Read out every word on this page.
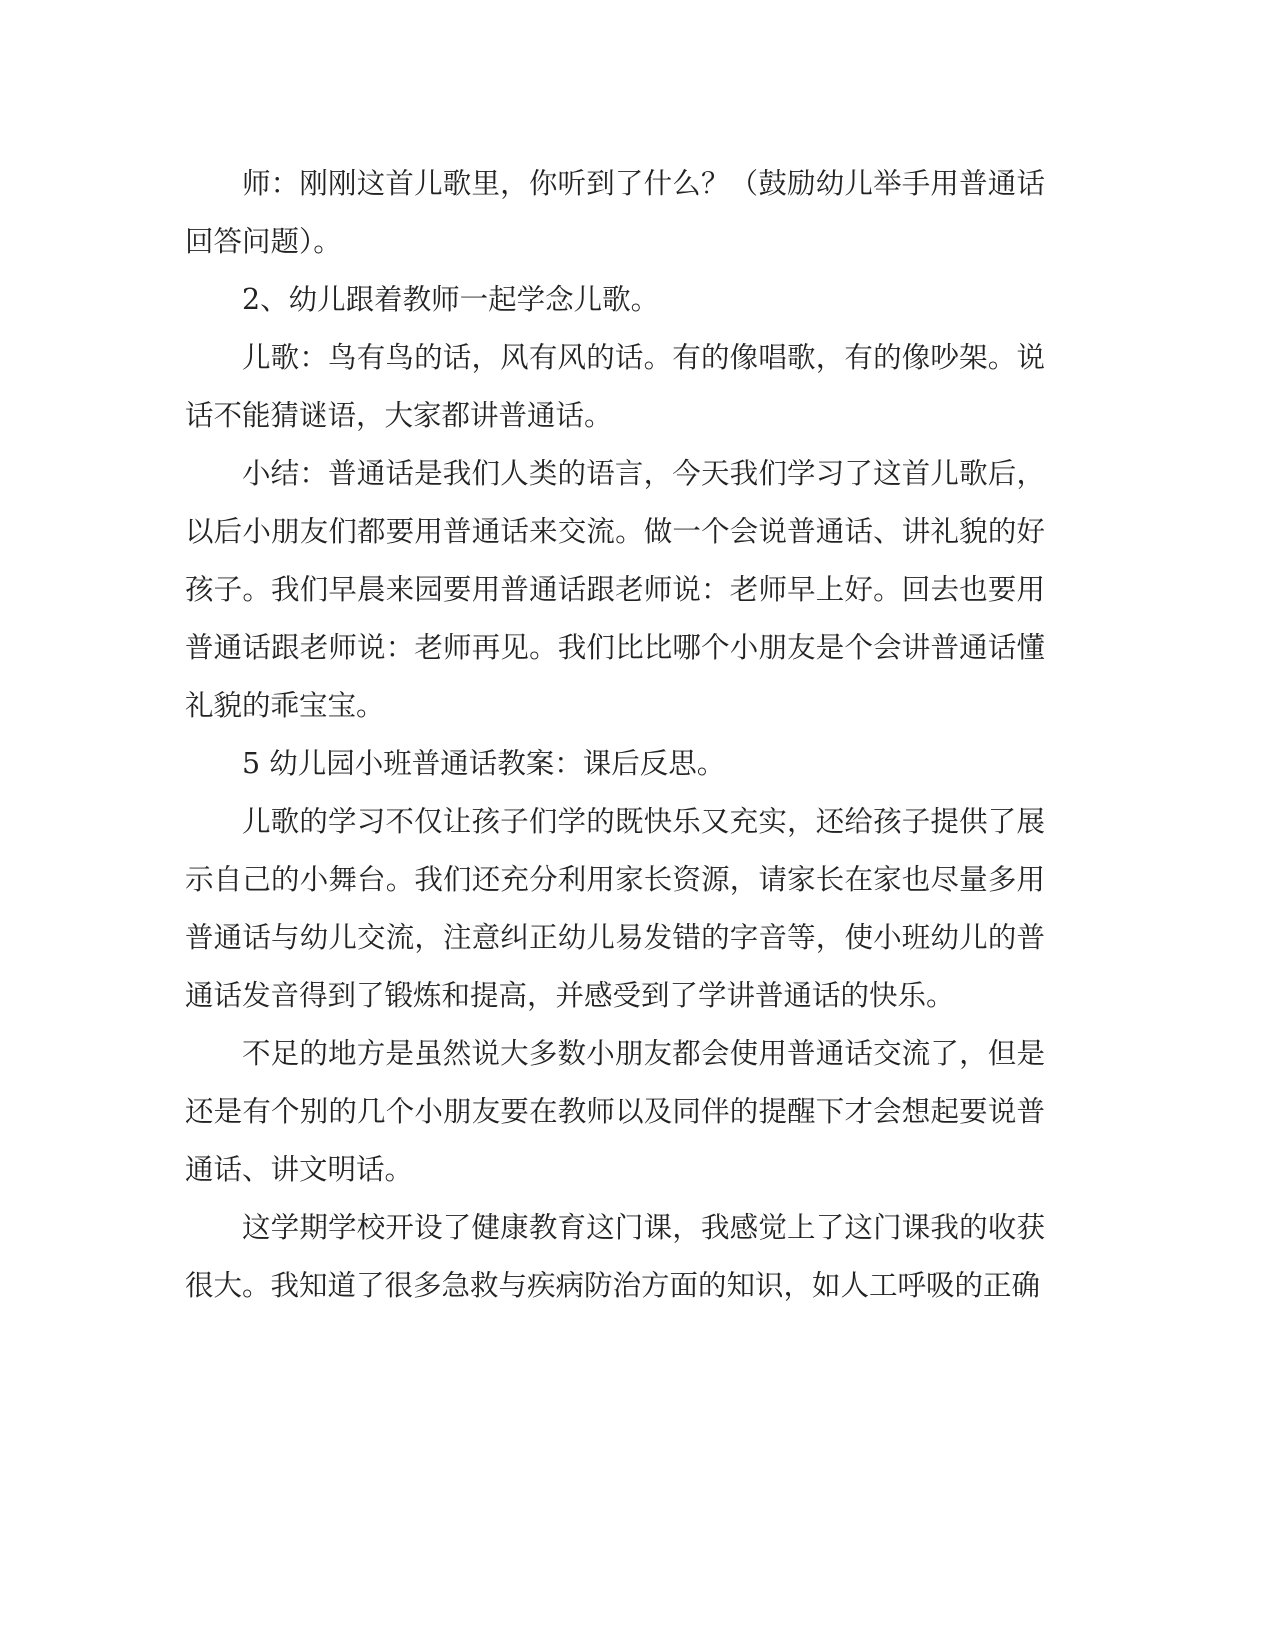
师：刚刚这首儿歌里，你听到了什么？（鼓励幼儿举手用普通话回答问题）。

2、幼儿跟着教师一起学念儿歌。

儿歌：鸟有鸟的话，风有风的话。有的像唱歌，有的像吵架。说话不能猜谜语，大家都讲普通话。

小结：普通话是我们人类的语言，今天我们学习了这首儿歌后，以后小朋友们都要用普通话来交流。做一个会说普通话、讲礼貌的好孩子。我们早晨来园要用普通话跟老师说：老师早上好。回去也要用普通话跟老师说：老师再见。我们比比哪个小朋友是个会讲普通话懂礼貌的乖宝宝。

5 幼儿园小班普通话教案：课后反思。

儿歌的学习不仅让孩子们学的既快乐又充实，还给孩子提供了展示自己的小舞台。我们还充分利用家长资源，请家长在家也尽量多用普通话与幼儿交流，注意纠正幼儿易发错的字音等，使小班幼儿的普通话发音得到了锻炼和提高，并感受到了学讲普通话的快乐。

不足的地方是虽然说大多数小朋友都会使用普通话交流了，但是还是有个别的几个小朋友要在教师以及同伴的提醒下才会想起要说普通话、讲文明话。

这学期学校开设了健康教育这门课，我感觉上了这门课我的收获很大。我知道了很多急救与疾病防治方面的知识，如人工呼吸的正确
